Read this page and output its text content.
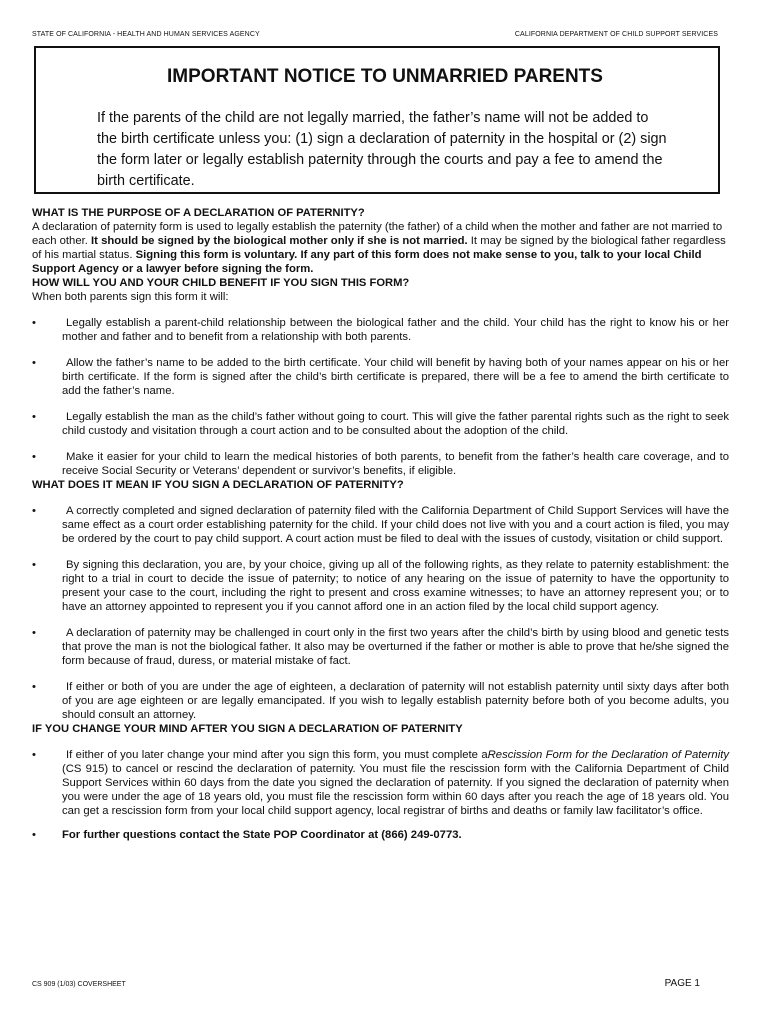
STATE OF CALIFORNIA - HEALTH AND HUMAN SERVICES AGENCY	CALIFORNIA DEPARTMENT OF CHILD SUPPORT SERVICES
IMPORTANT NOTICE TO UNMARRIED PARENTS

If the parents of the child are not legally married, the father’s name will not be added to the birth certificate unless you: (1) sign a declaration of paternity in the hospital or (2) sign the form later or legally establish paternity through the courts and pay a fee to amend the birth certificate.

WHAT IS THE PURPOSE OF A DECLARATION OF PATERNITY?

A declaration of paternity form is used to legally establish the paternity (the father) of a child when the mother and father are not married to each other. It should be signed by the biological mother only if she is not married. It may be signed by the biological father regardless of his martial status. Signing this form is voluntary. If any part of this form does not make sense to you, talk to your local Child Support Agency or a lawyer before signing the form.

HOW WILL YOU AND YOUR CHILD BENEFIT IF YOU SIGN THIS FORM?

When both parents sign this form it will:

•	Legally establish a parent-child relationship between the biological father and the child. Your child has the right to know his or her mother and father and to benefit from a relationship with both parents.
•	Allow the father’s name to be added to the birth certificate. Your child will benefit by having both of your names appear on his or her birth certificate. If the form is signed after the child’s birth certificate is prepared, there will be a fee to amend the birth certificate to add the father’s name.
•	Legally establish the man as the child’s father without going to court. This will give the father parental rights such as the right to seek child custody and visitation through a court action and to be consulted about the adoption of the child.
•	Make it easier for your child to learn the medical histories of both parents, to benefit from the father’s health care coverage, and to receive Social Security or Veterans’ dependent or survivor’s benefits, if eligible.
WHAT DOES IT MEAN IF YOU SIGN A DECLARATION OF PATERNITY?
•	A correctly completed and signed declaration of paternity filed with the California Department of Child Support Services will have the same effect as a court order establishing paternity for the child. If your child does not live with you and a court action is filed, you may be ordered by the court to pay child support. A court action must be filed to deal with the issues of custody, visitation or child support.
•	By signing this declaration, you are, by your choice, giving up all of the following rights, as they relate to paternity establishment: the right to a trial in court to decide the issue of paternity; to notice of any hearing on the issue of paternity to have the opportunity to present your case to the court, including the right to present and cross examine witnesses; to have an attorney represent you; or to have an attorney appointed to represent you if you cannot afford one in an action filed by the local child support agency.
•	A declaration of paternity may be challenged in court only in the first two years after the child’s birth by using blood and genetic tests that prove the man is not the biological father. It also may be overturned if the father or mother is able to prove that he/she signed the form because of fraud, duress, or material mistake of fact.
•	If either or both of you are under the age of eighteen, a declaration of paternity will not establish paternity until sixty days after both of you are age eighteen or are legally emancipated. If you wish to legally establish paternity before both of you become adults, you should consult an attorney.
IF YOU CHANGE YOUR MIND AFTER YOU SIGN A DECLARATION OF PATERNITY
•	If either of you later change your mind after you sign this form, you must complete aRescission Form for the Declaration of Paternity (CS 915) to cancel or rescind the declaration of paternity. You must file the rescission form with the California Department of Child Support Services within 60 days from the date you signed the declaration of paternity. If you signed the declaration of paternity when you were under the age of 18 years old, you must file the rescission form within 60 days after you reach the age of 18 years old. You can get a rescission form from your local child support agency, local registrar of births and deaths or family law facilitator’s office.
• For further questions contact the State POP Coordinator at (866) 249-0773.
CS 909 (1/03) COVERSHEET	PAGE 1
